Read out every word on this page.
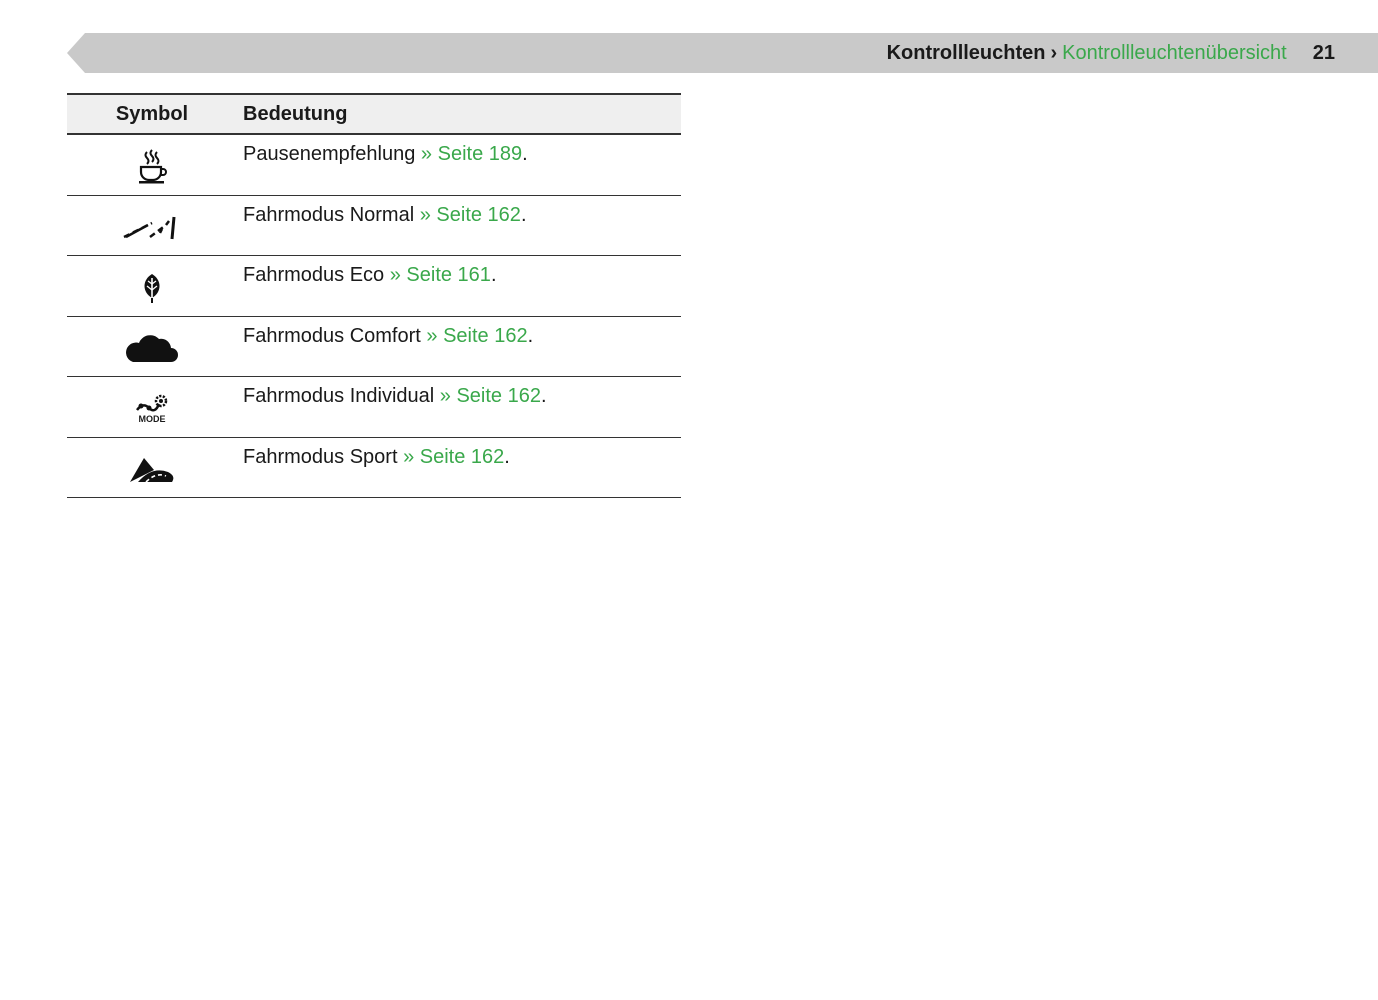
Kontrollleuchten › Kontrollleuchtenübersicht 21
Symbol	Bedeutung
Pausenempfehlung » Seite 189.
Fahrmodus Normal » Seite 162.
Fahrmodus Eco » Seite 161.
Fahrmodus Comfort » Seite 162.
MODE
Fahrmodus Individual » Seite 162.
Fahrmodus Sport » Seite 162.
